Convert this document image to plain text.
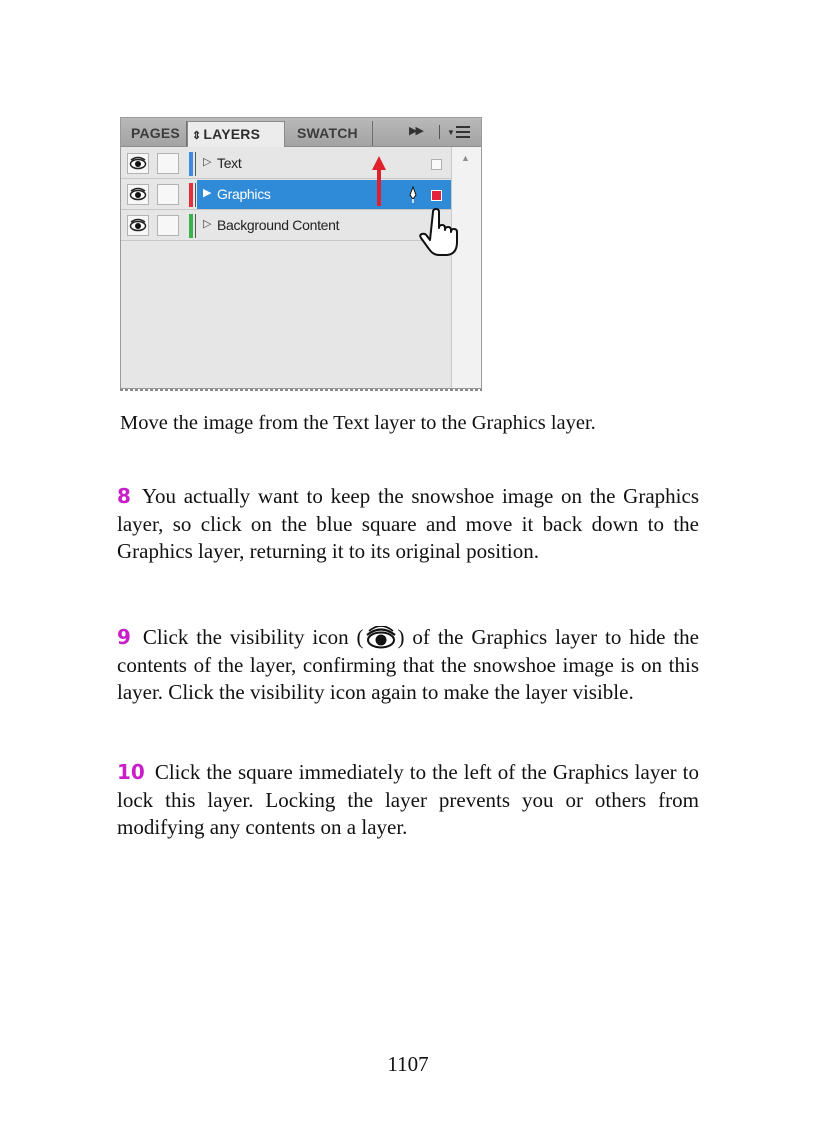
PAGES	⇕ LAYERS	SWATCH	▶▶	▼
▷ Text
▶ Graphics
▷ Background Content
▲
Move the image from the Text layer to the Graphics layer.

8 You actually want to keep the snowshoe image on the Graphics layer, so click on the blue square and move it back down to the Graphics layer, returning it to its original position.

9 Click the visibility icon ( ) of the Graphics layer to hide the contents of the layer, confirming that the snowshoe image is on this layer. Click the visibility icon again to make the layer visible.

10 Click the square immediately to the left of the Graphics layer to lock this layer. Locking the layer prevents you or others from modifying any contents on a layer.

1107
